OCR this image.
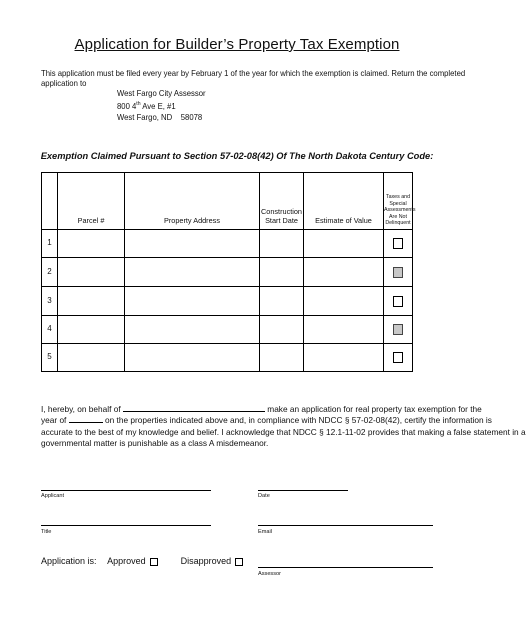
Application for Builder’s Property Tax Exemption
This application must be filed every year by February 1 of the year for which the exemption is claimed. Return the completed
application to
West Fargo City Assessor
800 4th Ave E, #1
West Fargo, ND    58078
Exemption Claimed Pursuant to Section 57-02-08(42) Of The North Dakota Century Code:
	Parcel #	Property Address	Construction
Start Date	Estimate of Value	Taxes and
Special
Assessments
Are Not
Delinquent
1					
2					
3					
4					
5					
I, hereby, on behalf of	make an application for real property tax exemption for the
year of	on the properties indicated above and, in compliance with NDCC § 57-02-08(42), certify the information is
accurate to the best of my knowledge and belief. I acknowledge that NDCC § 12.1-11-02 provides that making a false statement in a
governmental matter is punishable as a class A misdemeanor.
Applicant	Date
Title	Email
Application is: Approved	Disapproved
Assessor
